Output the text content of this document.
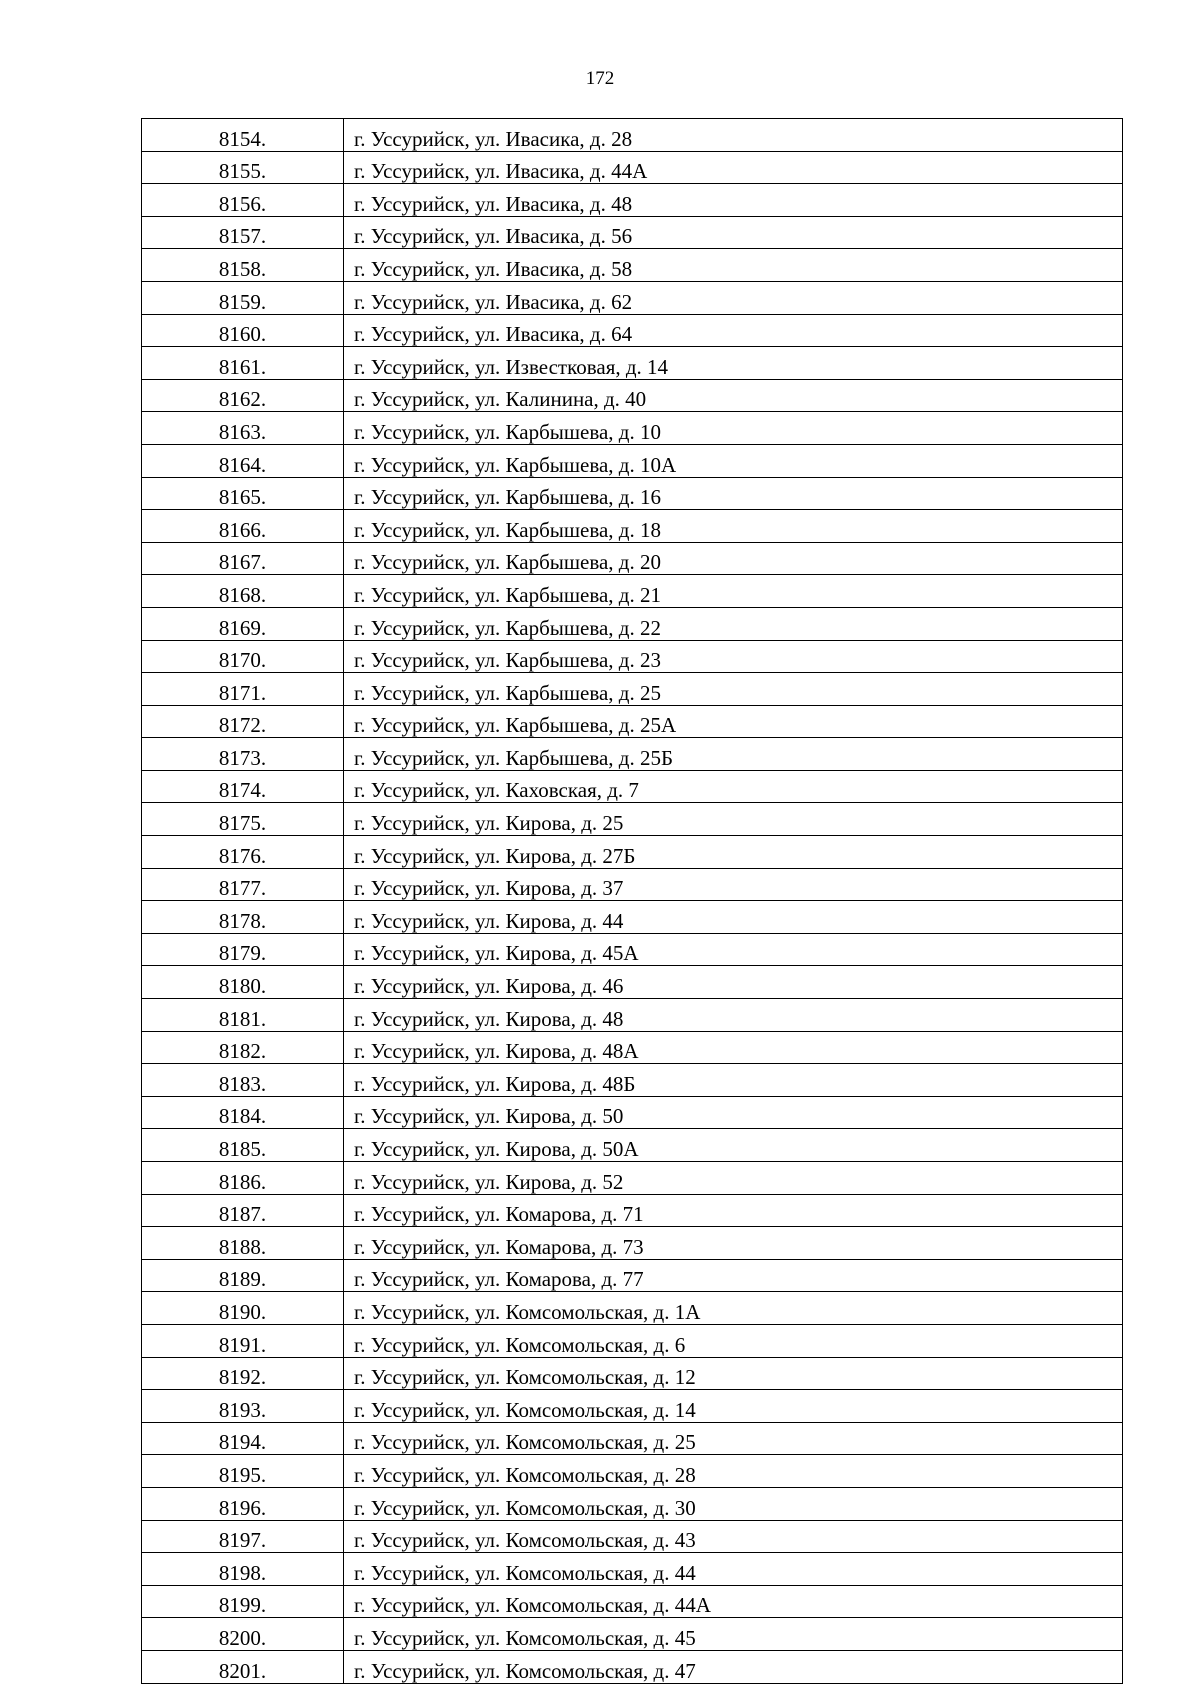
172
8154.	г. Уссурийск, ул. Ивасика, д. 28
8155.	г. Уссурийск, ул. Ивасика, д. 44А
8156.	г. Уссурийск, ул. Ивасика, д. 48
8157.	г. Уссурийск, ул. Ивасика, д. 56
8158.	г. Уссурийск, ул. Ивасика, д. 58
8159.	г. Уссурийск, ул. Ивасика, д. 62
8160.	г. Уссурийск, ул. Ивасика, д. 64
8161.	г. Уссурийск, ул. Известковая, д. 14
8162.	г. Уссурийск, ул. Калинина, д. 40
8163.	г. Уссурийск, ул. Карбышева, д. 10
8164.	г. Уссурийск, ул. Карбышева, д. 10А
8165.	г. Уссурийск, ул. Карбышева, д. 16
8166.	г. Уссурийск, ул. Карбышева, д. 18
8167.	г. Уссурийск, ул. Карбышева, д. 20
8168.	г. Уссурийск, ул. Карбышева, д. 21
8169.	г. Уссурийск, ул. Карбышева, д. 22
8170.	г. Уссурийск, ул. Карбышева, д. 23
8171.	г. Уссурийск, ул. Карбышева, д. 25
8172.	г. Уссурийск, ул. Карбышева, д. 25А
8173.	г. Уссурийск, ул. Карбышева, д. 25Б
8174.	г. Уссурийск, ул. Каховская, д. 7
8175.	г. Уссурийск, ул. Кирова, д. 25
8176.	г. Уссурийск, ул. Кирова, д. 27Б
8177.	г. Уссурийск, ул. Кирова, д. 37
8178.	г. Уссурийск, ул. Кирова, д. 44
8179.	г. Уссурийск, ул. Кирова, д. 45А
8180.	г. Уссурийск, ул. Кирова, д. 46
8181.	г. Уссурийск, ул. Кирова, д. 48
8182.	г. Уссурийск, ул. Кирова, д. 48А
8183.	г. Уссурийск, ул. Кирова, д. 48Б
8184.	г. Уссурийск, ул. Кирова, д. 50
8185.	г. Уссурийск, ул. Кирова, д. 50А
8186.	г. Уссурийск, ул. Кирова, д. 52
8187.	г. Уссурийск, ул. Комарова, д. 71
8188.	г. Уссурийск, ул. Комарова, д. 73
8189.	г. Уссурийск, ул. Комарова, д. 77
8190.	г. Уссурийск, ул. Комсомольская, д. 1А
8191.	г. Уссурийск, ул. Комсомольская, д. 6
8192.	г. Уссурийск, ул. Комсомольская, д. 12
8193.	г. Уссурийск, ул. Комсомольская, д. 14
8194.	г. Уссурийск, ул. Комсомольская, д. 25
8195.	г. Уссурийск, ул. Комсомольская, д. 28
8196.	г. Уссурийск, ул. Комсомольская, д. 30
8197.	г. Уссурийск, ул. Комсомольская, д. 43
8198.	г. Уссурийск, ул. Комсомольская, д. 44
8199.	г. Уссурийск, ул. Комсомольская, д. 44А
8200.	г. Уссурийск, ул. Комсомольская, д. 45
8201.	г. Уссурийск, ул. Комсомольская, д. 47
